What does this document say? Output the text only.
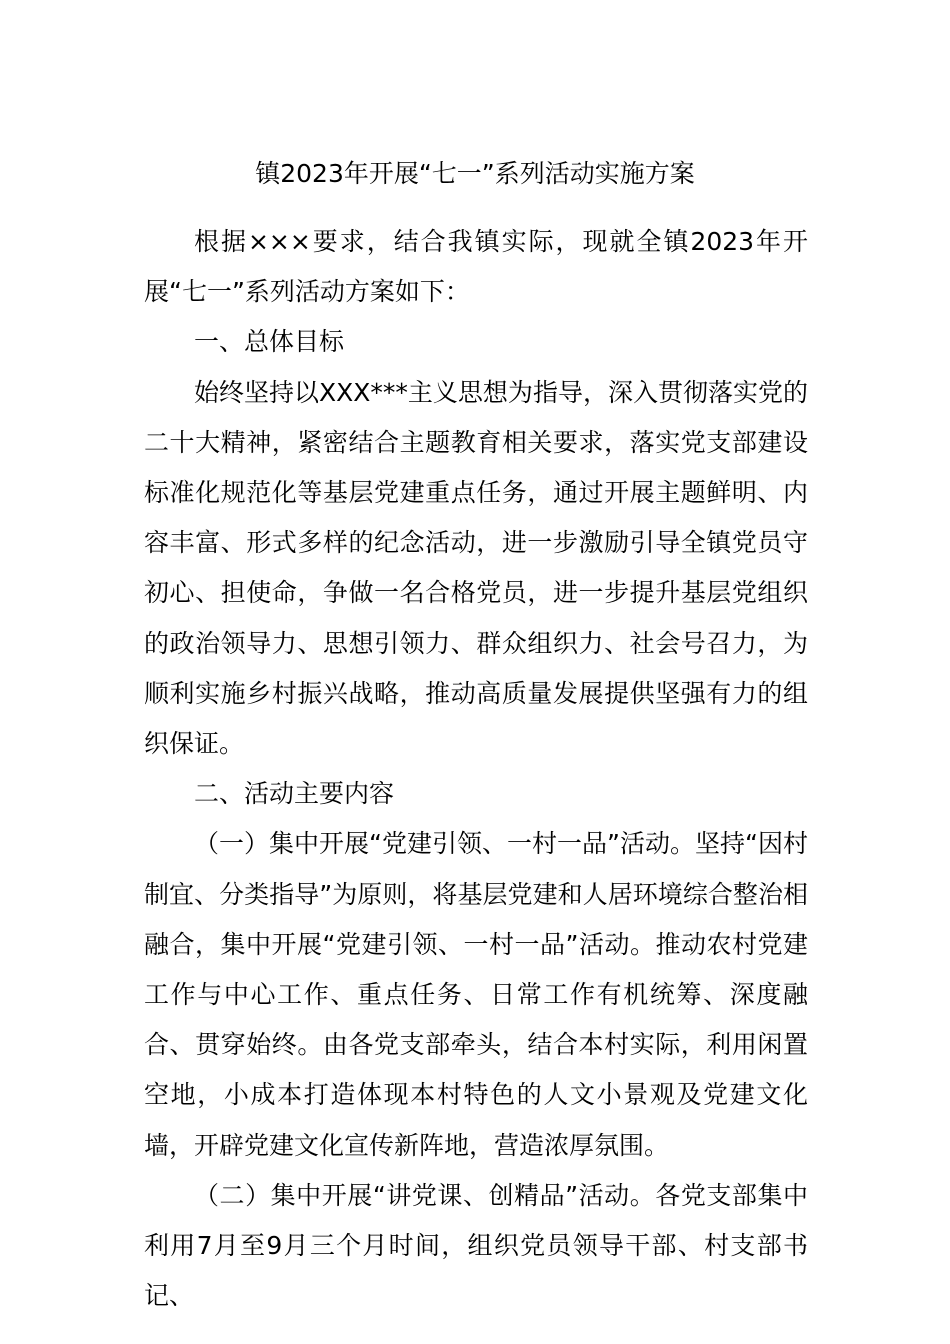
镇2023年开展“七一”系列活动实施方案

根据×××要求，结合我镇实际，现就全镇2023年开展“七一”系列活动方案如下：

一、总体目标

始终坚持以XXX***主义思想为指导，深入贯彻落实党的二十大精神，紧密结合主题教育相关要求，落实党支部建设标准化规范化等基层党建重点任务，通过开展主题鲜明、内容丰富、形式多样的纪念活动，进一步激励引导全镇党员守初心、担使命，争做一名合格党员，进一步提升基层党组织的政治领导力、思想引领力、群众组织力、社会号召力，为顺利实施乡村振兴战略，推动高质量发展提供坚强有力的组织保证。

二、活动主要内容

（一）集中开展“党建引领、一村一品”活动。坚持“因村制宜、分类指导”为原则，将基层党建和人居环境综合整治相融合，集中开展“党建引领、一村一品”活动。推动农村党建工作与中心工作、重点任务、日常工作有机统筹、深度融合、贯穿始终。由各党支部牵头，结合本村实际，利用闲置空地，小成本打造体现本村特色的人文小景观及党建文化墙，开辟党建文化宣传新阵地，营造浓厚氛围。

（二）集中开展“讲党课、创精品”活动。各党支部集中利用7月至9月三个月时间，组织党员领导干部、村支部书记、
